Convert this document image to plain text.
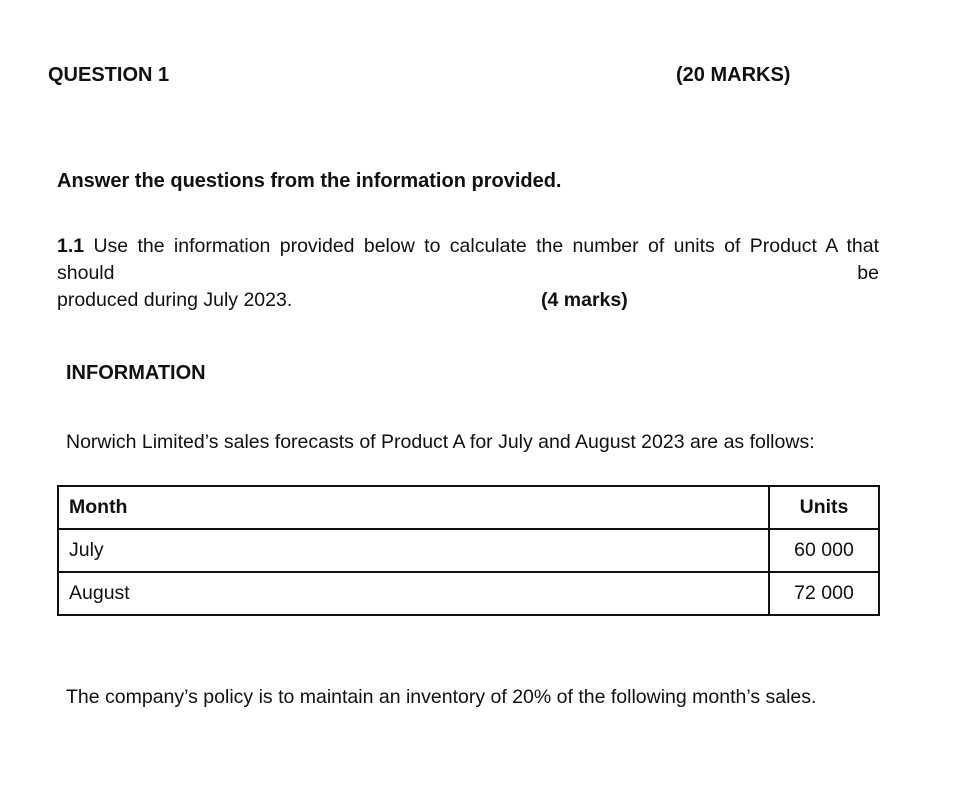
QUESTION 1	(20 MARKS)
Answer the questions from the information provided.
1.1 Use the information provided below to calculate the number of units of Product A that should be
produced during July 2023.	(4 marks)
INFORMATION
Norwich Limited’s sales forecasts of Product A for July and August 2023 are as follows:
Month	Units
July	60 000
August	72 000
The company’s policy is to maintain an inventory of 20% of the following month’s sales.
